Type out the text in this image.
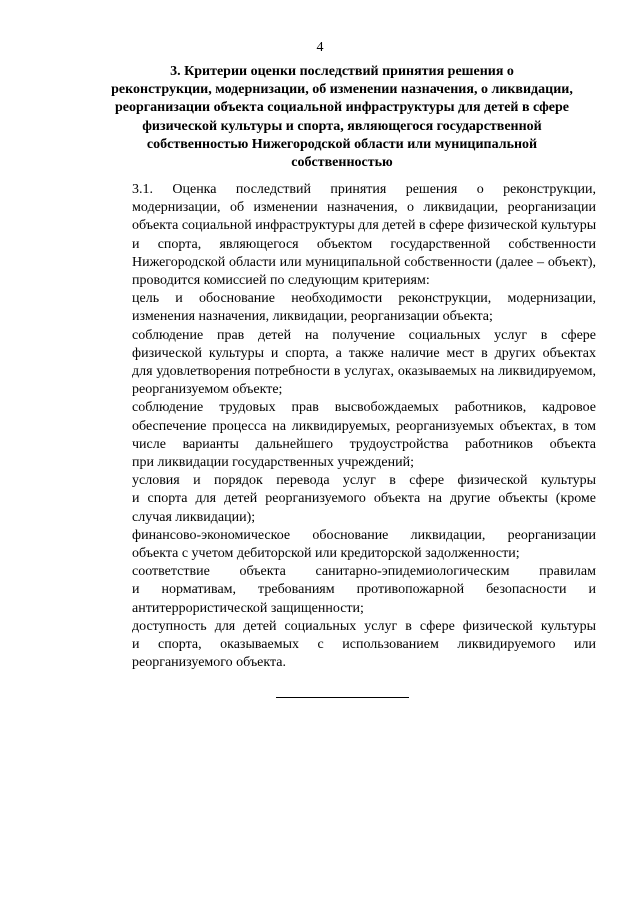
4
3. Критерии оценки последствий принятия решения о
реконструкции, модернизации, об изменении назначения, о ликвидации,
реорганизации объекта социальной инфраструктуры для детей в сфере
физической культуры и спорта, являющегося государственной
собственностью Нижегородской области или муниципальной
собственностью

3.1. Оценка последствий принятия решения о реконструкции,
модернизации, об изменении назначения, о ликвидации, реорганизации
объекта социальной инфраструктуры для детей в сфере физической культуры
и спорта, являющегося объектом государственной собственности
Нижегородской области или муниципальной собственности (далее – объект),
проводится комиссией по следующим критериям:

цель и обоснование необходимости реконструкции, модернизации,
изменения назначения, ликвидации, реорганизации объекта;

соблюдение прав детей на получение социальных услуг в сфере
физической культуры и спорта, а также наличие мест в других объектах
для удовлетворения потребности в услугах, оказываемых на ликвидируемом,
реорганизуемом объекте;

соблюдение трудовых прав высвобождаемых работников, кадровое
обеспечение процесса на ликвидируемых, реорганизуемых объектах, в том
числе варианты дальнейшего трудоустройства работников объекта
при ликвидации государственных учреждений;

условия и порядок перевода услуг в сфере физической культуры
и спорта для детей реорганизуемого объекта на другие объекты (кроме
случая ликвидации);

финансово-экономическое обоснование ликвидации, реорганизации
объекта с учетом дебиторской или кредиторской задолженности;

соответствие объекта санитарно-эпидемиологическим правилам
и нормативам, требованиям противопожарной безопасности и
антитеррористической защищенности;

доступность для детей социальных услуг в сфере физической культуры
и спорта, оказываемых с использованием ликвидируемого или
реорганизуемого объекта.
